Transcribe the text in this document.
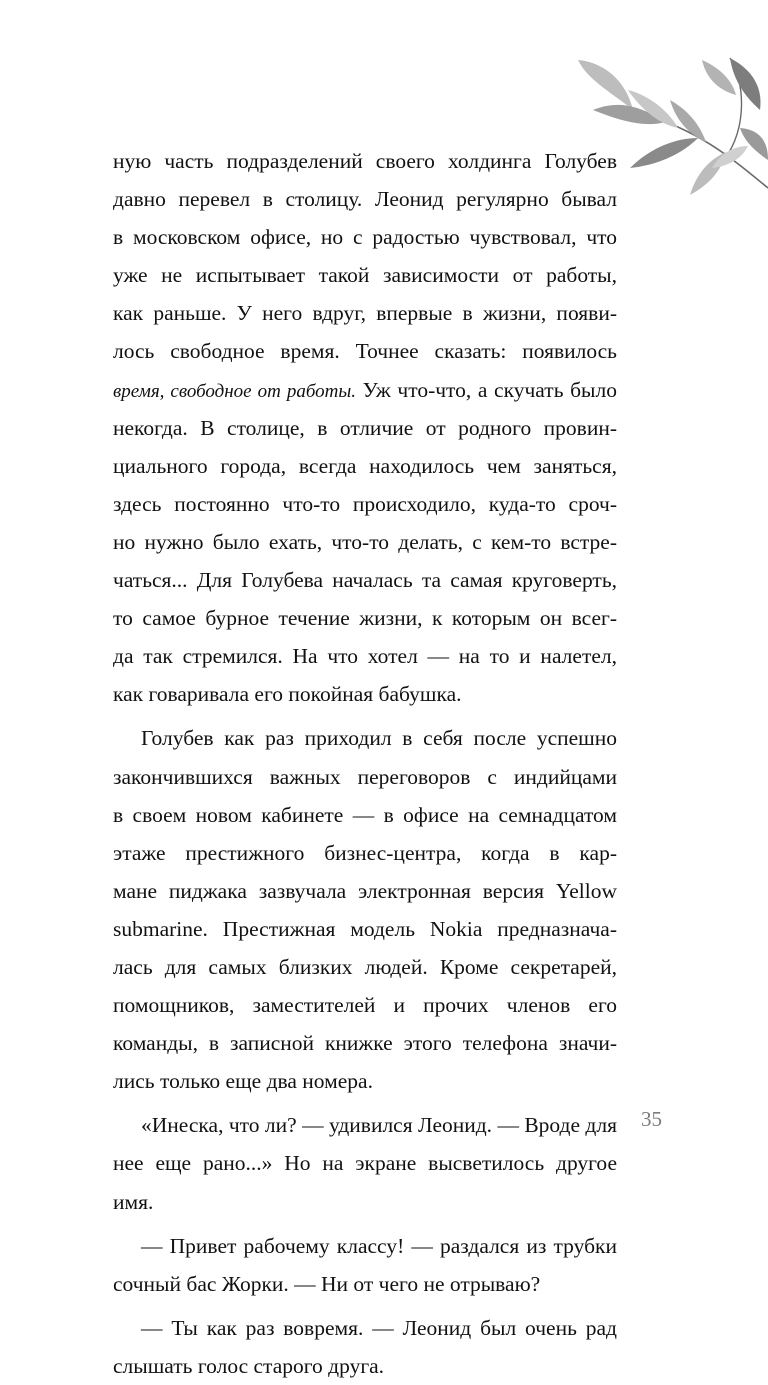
ную часть подразделений своего холдинга Голубев
давно перевел в столицу. Леонид регулярно бывал
в московском офисе, но с радостью чувствовал, что
уже не испытывает такой зависимости от работы,
как раньше. У него вдруг, впервые в жизни, появи-
лось свободное время. Точнее сказать: появилось
время, свободное от работы. Уж что-что, а скучать было
некогда. В столице, в отличие от родного провин-
циального города, всегда находилось чем заняться,
здесь постоянно что-то происходило, куда-то сроч-
но нужно было ехать, что-то делать, с кем-то встре-
чаться... Для Голубева началась та самая круговерть,
то самое бурное течение жизни, к которым он всег-
да так стремился. На что хотел — на то и налетел,
как говаривала его покойная бабушка.
Голубев как раз приходил в себя после успешно
закончившихся важных переговоров с индийцами
в своем новом кабинете — в офисе на семнадцатом
этаже престижного бизнес-центра, когда в кар-
мане пиджака зазвучала электронная версия Yellow
submarine. Престижная модель Nokia предназнача-
лась для самых близких людей. Кроме секретарей,
помощников, заместителей и прочих членов его
команды, в записной книжке этого телефона значи-
лись только еще два номера.
«Инеска, что ли? — удивился Леонид. — Вроде для
нее еще рано...» Но на экране высветилось другое
имя.
— Привет рабочему классу! — раздался из трубки
сочный бас Жорки. — Ни от чего не отрываю?
— Ты как раз вовремя. — Леонид был очень рад
слышать голос старого друга.
35
